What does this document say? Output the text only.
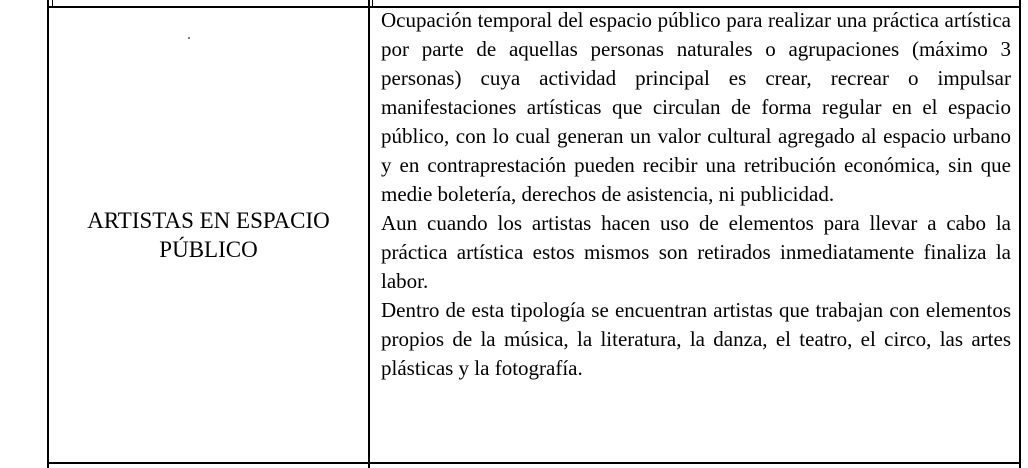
ARTISTAS EN ESPACIO
PÚBLICO

Ocupación temporal del espacio público para realizar una práctica artística por parte de aquellas personas naturales o agrupaciones (máximo 3 personas) cuya actividad principal es crear, recrear o impulsar manifestaciones artísticas que circulan de forma regular en el espacio público, con lo cual generan un valor cultural agregado al espacio urbano y en contraprestación pueden recibir una retribución económica, sin que medie boletería, derechos de asistencia, ni publicidad.

Aun cuando los artistas hacen uso de elementos para llevar a cabo la práctica artística estos mismos son retirados inmediatamente finaliza la labor.

Dentro de esta tipología se encuentran artistas que trabajan con elementos propios de la música, la literatura, la danza, el teatro, el circo, las artes plásticas y la fotografía.
